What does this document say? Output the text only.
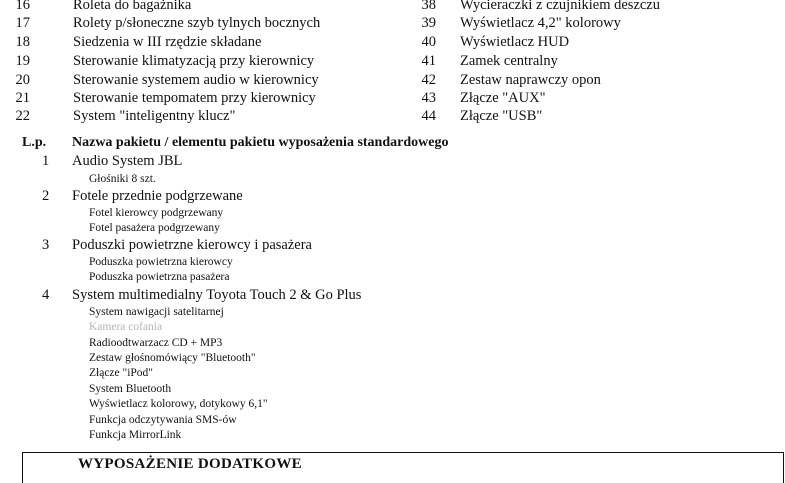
16	Roleta do bagażnika
17	Rolety p/słoneczne szyb tylnych bocznych
18	Siedzenia w III rzędzie składane
19	Sterowanie klimatyzacją przy kierownicy
20	Sterowanie systemem audio w kierownicy
21	Sterowanie tempomatem przy kierownicy
22	System "inteligentny klucz"
38 Wycieraczki z czujnikiem deszczu
39 Wyświetlacz 4,2" kolorowy
40 Wyświetlacz HUD
41 Zamek centralny
42 Zestaw naprawczy opon
43 Złącze "AUX"
44 Złącze "USB"
L.p. Nazwa pakietu / elementu pakietu wyposażenia standardowego
1 Audio System JBL
Głośniki 8 szt.
2 Fotele przednie podgrzewane
Fotel kierowcy podgrzewany
Fotel pasażera podgrzewany
3 Poduszki powietrzne kierowcy i pasażera
Poduszka powietrzna kierowcy
Poduszka powietrzna pasażera
4 System multimedialny Toyota Touch 2 & Go Plus
System nawigacji satelitarnej
Kamera cofania
Radioodtwarzacz CD + MP3
Zestaw głośnomówiący "Bluetooth"
Złącze "iPod"
System Bluetooth
Wyświetlacz kolorowy, dotykowy 6,1"
Funkcja odczytywania SMS-ów
Funkcja MirrorLink
WYPOSAŻENIE DODATKOWE
